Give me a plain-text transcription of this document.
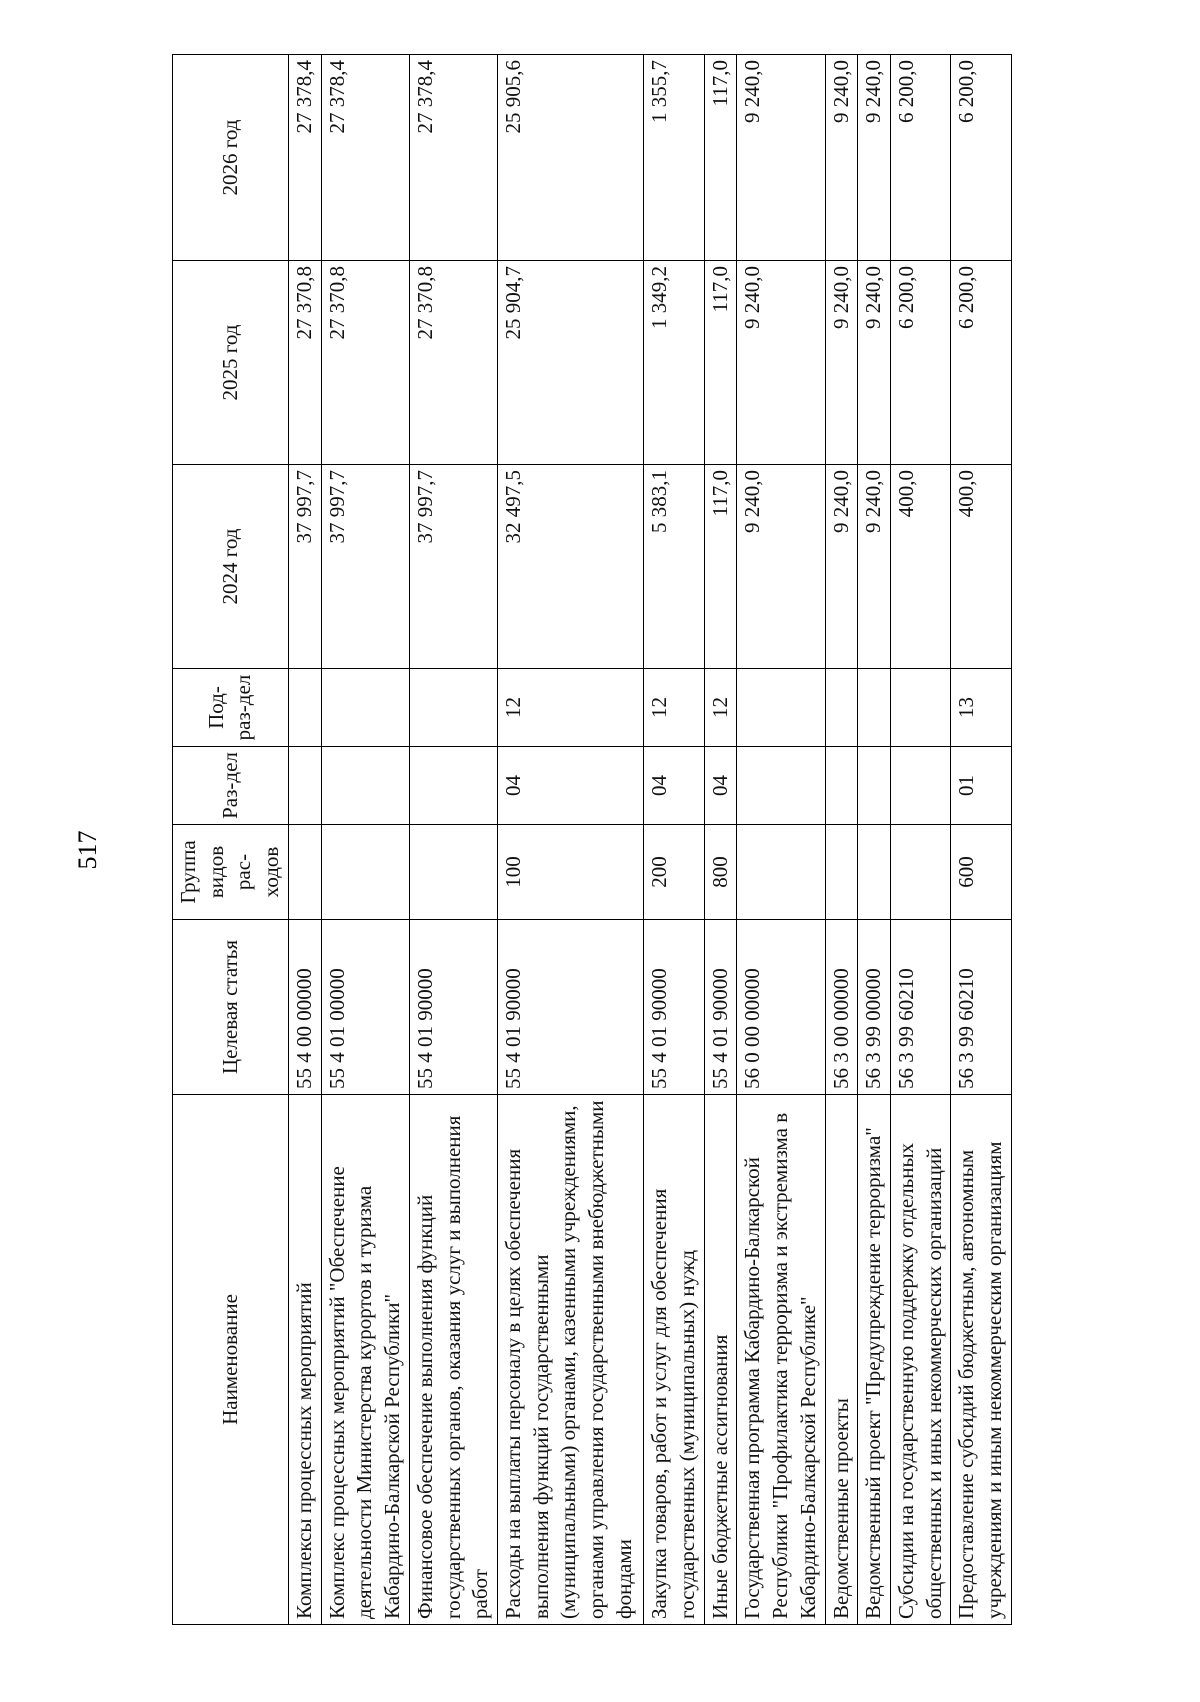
517
Наименование	Целевая статья	Группа видов рас-ходов	Раз-дел	Под-раз-дел	2024 год	2025 год	2026 год
Комплексы процессных мероприятий	55 4 00 00000				37 997,7	27 370,8	27 378,4
Комплекс процессных мероприятий "Обеспечение деятельности Министерства курортов и туризма Кабардино-Балкарской Республики"	55 4 01 00000				37 997,7	27 370,8	27 378,4
Финансовое обеспечение выполнения функций государственных органов, оказания услуг и выполнения работ	55 4 01 90000				37 997,7	27 370,8	27 378,4
Расходы на выплаты персоналу в целях обеспечения выполнения функций государственными (муниципальными) органами, казенными учреждениями, органами управления государственными внебюджетными фондами	55 4 01 90000	100	04	12	32 497,5	25 904,7	25 905,6
Закупка товаров, работ и услуг для обеспечения государственных (муниципальных) нужд	55 4 01 90000	200	04	12	5 383,1	1 349,2	1 355,7
Иные бюджетные ассигнования	55 4 01 90000	800	04	12	117,0	117,0	117,0
Государственная программа Кабардино-Балкарской Республики "Профилактика терроризма и экстремизма в Кабардино-Балкарской Республике"	56 0 00 00000				9 240,0	9 240,0	9 240,0
Ведомственные проекты	56 3 00 00000				9 240,0	9 240,0	9 240,0
Ведомственный проект "Предупреждение терроризма"	56 3 99 00000				9 240,0	9 240,0	9 240,0
Субсидии на государственную поддержку отдельных общественных и иных некоммерческих организаций	56 3 99 60210				400,0	6 200,0	6 200,0
Предоставление субсидий бюджетным, автономным учреждениям и иным некоммерческим организациям	56 3 99 60210	600	01	13	400,0	6 200,0	6 200,0
